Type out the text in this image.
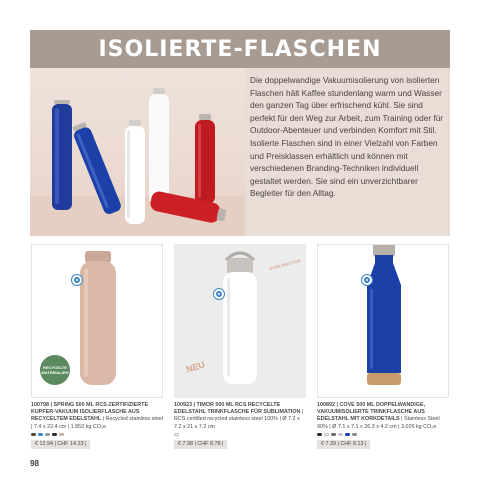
ISOLIERTE-FLASCHEN
Die doppelwandige Vakuumisolierung von isolierten Flaschen hält Kaffee stundenlang warm und Wasser den ganzen Tag über erfrischend kühl. Sie sind perfekt für den Weg zur Arbeit, zum Training oder für Outdoor-Abenteuer und verbinden Komfort mit Stil. Isolierte Flaschen sind in einer Vielzahl von Farben und Preisklassen erhältlich und können mit verschiedenen Branding-Techniken individuell gestaltet werden. Sie sind ein unverzichtbarer Begleiter für den Alltag.
RECYCELTE MATERIALIEN
SUBLIMATION
NEU
100798 | SPRING 500 ML RCS-ZERTIFIZIERTE KUPFER-VAKUUM ISOLIERFLASCHE AUS RECYCELTEM EDELSTAHL | Recycled stainless steel | 7.4 x 22.4 cm | 1.853 kg CO₂e
€ 12.94 | CHF 14.23 |
100923 | TIMOR 500 ML RCS RECYCELTE EDELSTAHL TRINKFLASCHE FÜR SUBLIMATION | RCS certified recycled stainless steel 100% | Ø 7.2 x 7.2 x 21 x 7.2 cm
€ 7.98 | CHF 8.78 |
100892 | COVE 500 ML DOPPELWANDIGE, VAKUUMISOLIERTE TRINKFLASCHE AUS EDELSTAHL MIT KORKDETAILS | Stainless Steel 90% | Ø 7.1 x 7.1 x 26.3 x 4.2 cm | 3.026 kg CO₂e
€ 7.39 | CHF 8.13 |
98
